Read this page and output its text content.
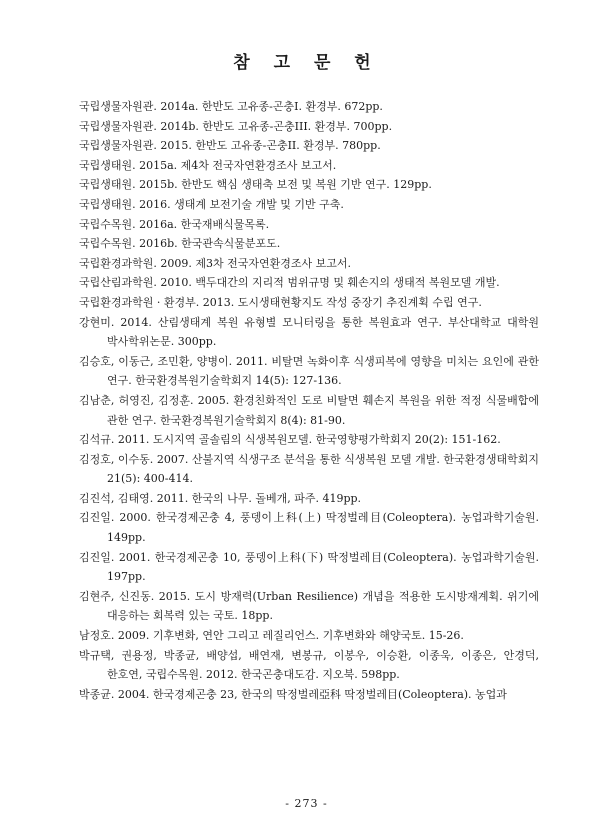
참 고 문 헌

국립생물자원관. 2014a. 한반도 고유종-곤충I. 환경부. 672pp.

국립생물자원관. 2014b. 한반도 고유종-곤충III. 환경부. 700pp.

국립생물자원관. 2015. 한반도 고유종-곤충II. 환경부. 780pp.

국립생태원. 2015a. 제4차 전국자연환경조사 보고서.

국립생태원. 2015b. 한반도 핵심 생태축 보전 및 복원 기반 연구. 129pp.

국립생태원. 2016. 생태계 보전기술 개발 및 기반 구축.

국립수목원. 2016a. 한국재배식물목록.

국립수목원. 2016b. 한국관속식물분포도.

국립환경과학원. 2009. 제3차 전국자연환경조사 보고서.

국립산림과학원. 2010. 백두대간의 지리적 범위규명 및 훼손지의 생태적 복원모델 개발.

국립환경과학원 · 환경부. 2013. 도시생태현황지도 작성 중장기 추진계획 수립 연구.

강현미. 2014. 산림생태계 복원 유형별 모니터링을 통한 복원효과 연구. 부산대학교 대학원 박사학위논문. 300pp.

김승호, 이동근, 조민환, 양병이. 2011. 비탈면 녹화이후 식생피복에 영향을 미치는 요인에 관한 연구. 한국환경복원기술학회지 14(5): 127-136.

김남춘, 허영진, 김정훈. 2005. 환경친화적인 도로 비탈면 훼손지 복원을 위한 적정 식물배합에 관한 연구. 한국환경복원기술학회지 8(4): 81-90.

김석규. 2011. 도시지역 골솔림의 식생복원모델. 한국영향평가학회지 20(2): 151-162.

김정호, 이수동. 2007. 산불지역 식생구조 분석을 통한 식생복원 모델 개발. 한국환경생태학회지 21(5): 400-414.

김진석, 김태영. 2011. 한국의 나무. 돌베개, 파주. 419pp.

김진일. 2000. 한국경제곤충 4, 풍뎅이上科(上) 딱정벌레目(Coleoptera). 농업과학기술원. 149pp.

김진일. 2001. 한국경제곤충 10, 풍뎅이上科(下) 딱정벌레目(Coleoptera). 농업과학기술원. 197pp.

김현주, 신진동. 2015. 도시 방재력(Urban Resilience) 개념을 적용한 도시방재계획. 위기에 대응하는 회복력 있는 국토. 18pp.

남정호. 2009. 기후변화, 연안 그리고 레질리언스. 기후변화와 해양국토. 15-26.

박규택, 권용정, 박종균, 배양섭, 배연재, 변봉규, 이봉우, 이승환, 이종욱, 이종은, 안경덕, 한호연, 국립수목원. 2012. 한국곤충대도감. 지오북. 598pp.

박종균. 2004. 한국경제곤충 23, 한국의 딱정벌레亞科 딱정벌레目(Coleoptera). 농업과

- 273 -
